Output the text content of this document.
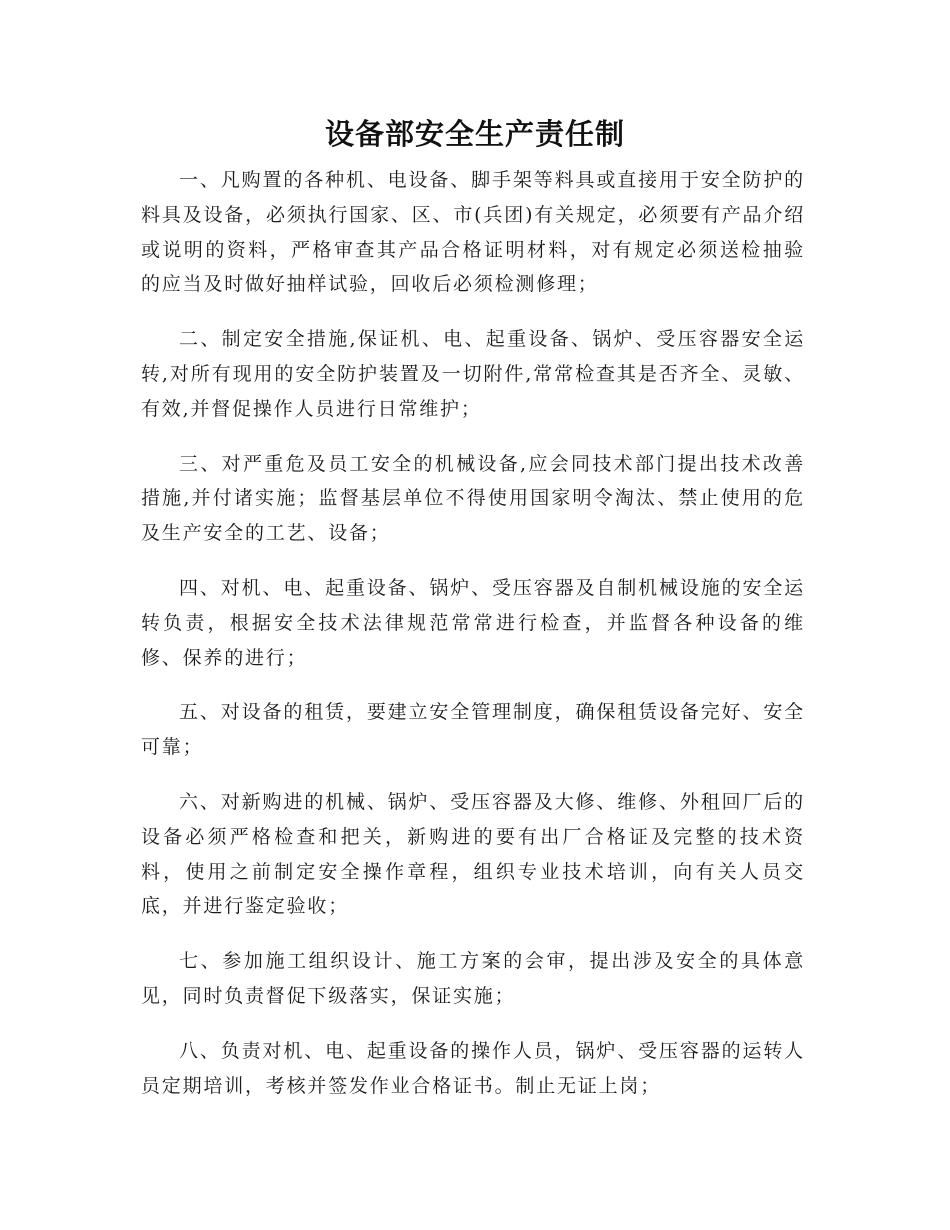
设备部安全生产责任制

一、凡购置的各种机、电设备、脚手架等料具或直接用于安全防护的料具及设备，必须执行国家、区、市(兵团)有关规定，必须要有产品介绍或说明的资料，严格审查其产品合格证明材料，对有规定必须送检抽验的应当及时做好抽样试验，回收后必须检测修理；

二、制定安全措施,保证机、电、起重设备、锅炉、受压容器安全运转,对所有现用的安全防护装置及一切附件,常常检查其是否齐全、灵敏、有效,并督促操作人员进行日常维护；

三、对严重危及员工安全的机械设备,应会同技术部门提出技术改善措施,并付诸实施；监督基层单位不得使用国家明令淘汰、禁止使用的危及生产安全的工艺、设备；

四、对机、电、起重设备、锅炉、受压容器及自制机械设施的安全运转负责，根据安全技术法律规范常常进行检查，并监督各种设备的维修、保养的进行；

五、对设备的租赁，要建立安全管理制度，确保租赁设备完好、安全可靠；

六、对新购进的机械、锅炉、受压容器及大修、维修、外租回厂后的设备必须严格检查和把关，新购进的要有出厂合格证及完整的技术资料，使用之前制定安全操作章程，组织专业技术培训，向有关人员交底，并进行鉴定验收；

七、参加施工组织设计、施工方案的会审，提出涉及安全的具体意见，同时负责督促下级落实，保证实施；

八、负责对机、电、起重设备的操作人员，锅炉、受压容器的运转人员定期培训，考核并签发作业合格证书。制止无证上岗；
